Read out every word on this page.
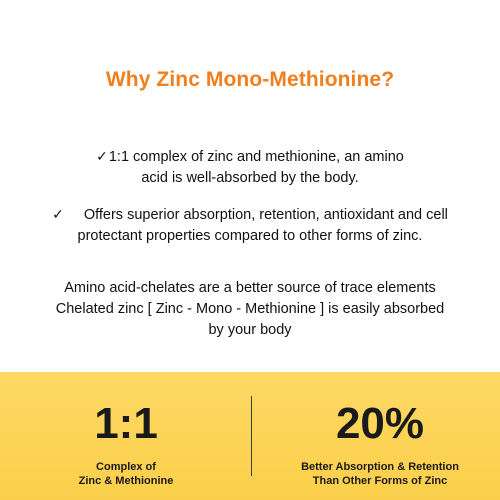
Why Zinc Mono-Methionine?
✓1:1 complex of zinc and methionine, an amino
acid is well-absorbed by the body.
✓ Offers superior absorption, retention, antioxidant and cell
protectant properties compared to other forms of zinc.
Amino acid-chelates are a better source of trace elements
Chelated zinc [ Zinc - Mono - Methionine ] is easily absorbed
by your body
1:1
Complex of
Zinc & Methionine
20%
Better Absorption & Retention
Than Other Forms of Zinc
